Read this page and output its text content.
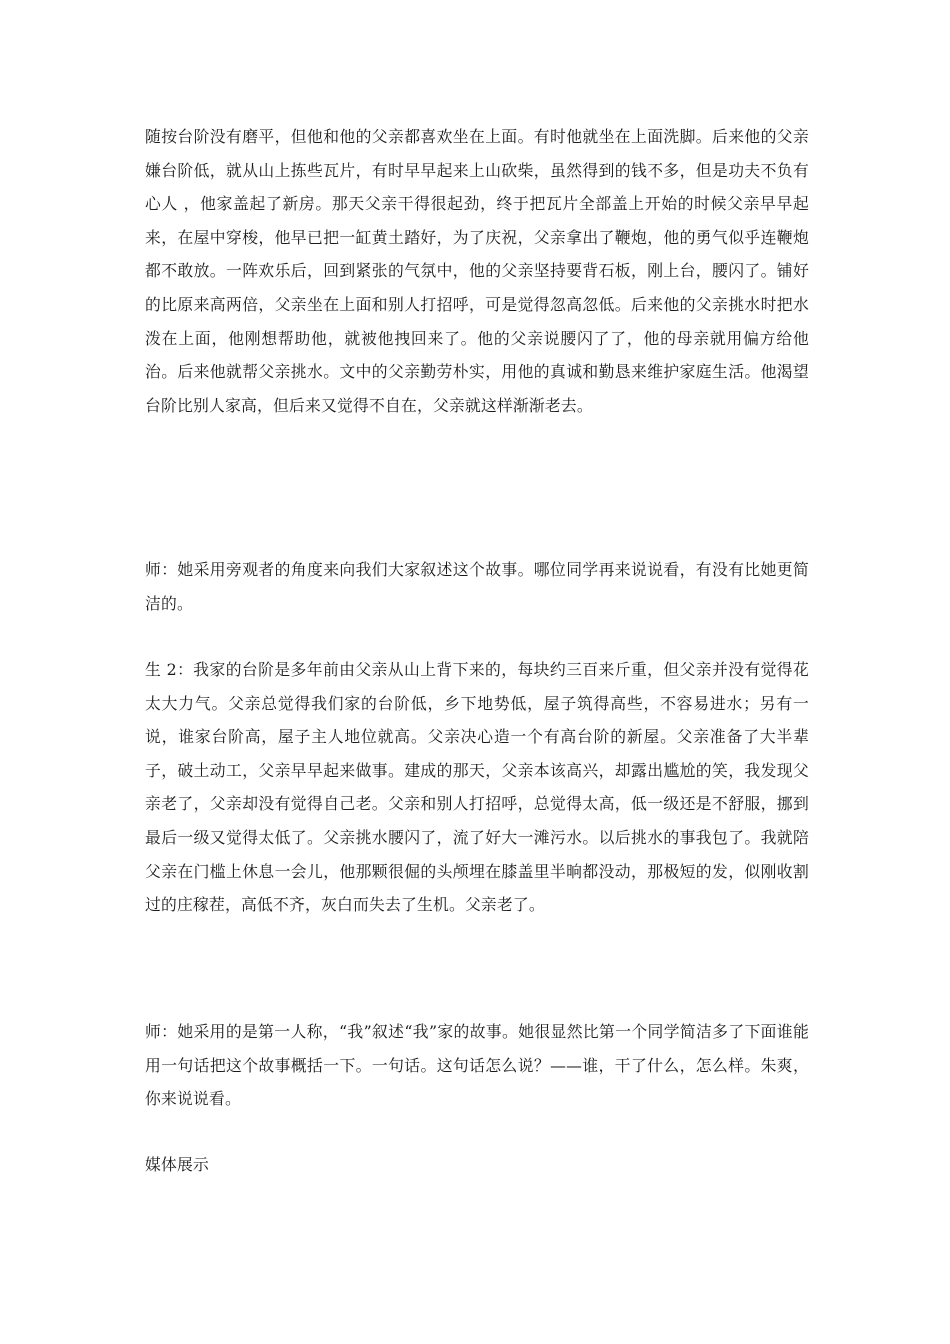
随按台阶没有磨平，但他和他的父亲都喜欢坐在上面。有时他就坐在上面洗脚。后来他的父亲嫌台阶低，就从山上拣些瓦片，有时早早起来上山砍柴，虽然得到的钱不多，但是功夫不负有心人 ，他家盖起了新房。那天父亲干得很起劲，终于把瓦片全部盖上开始的时候父亲早早起来，在屋中穿梭，他早已把一缸黄土踏好，为了庆祝，父亲拿出了鞭炮，他的勇气似乎连鞭炮都不敢放。一阵欢乐后，回到紧张的气氛中，他的父亲坚持要背石板，刚上台，腰闪了。铺好的比原来高两倍，父亲坐在上面和别人打招呼，可是觉得忽高忽低。后来他的父亲挑水时把水泼在上面，他刚想帮助他，就被他拽回来了。他的父亲说腰闪了了，他的母亲就用偏方给他治。后来他就帮父亲挑水。文中的父亲勤劳朴实，用他的真诚和勤恳来维护家庭生活。他渴望台阶比别人家高，但后来又觉得不自在，父亲就这样渐渐老去。

师：她采用旁观者的角度来向我们大家叙述这个故事。哪位同学再来说说看，有没有比她更简洁的。

生 2：我家的台阶是多年前由父亲从山上背下来的，每块约三百来斤重，但父亲并没有觉得花太大力气。父亲总觉得我们家的台阶低，乡下地势低，屋子筑得高些，不容易进水；另有一说，谁家台阶高，屋子主人地位就高。父亲决心造一个有高台阶的新屋。父亲准备了大半辈子，破土动工，父亲早早起来做事。建成的那天，父亲本该高兴，却露出尴尬的笑，我发现父亲老了，父亲却没有觉得自己老。父亲和别人打招呼，总觉得太高，低一级还是不舒服，挪到最后一级又觉得太低了。父亲挑水腰闪了，流了好大一滩污水。以后挑水的事我包了。我就陪父亲在门槛上休息一会儿，他那颗很倔的头颅埋在膝盖里半晌都没动，那极短的发，似刚收割过的庄稼茬，高低不齐，灰白而失去了生机。父亲老了。

师：她采用的是第一人称，“我”叙述“我”家的故事。她很显然比第一个同学简洁多了下面谁能用一句话把这个故事概括一下。一句话。这句话怎么说？——谁，干了什么，怎么样。朱爽，你来说说看。

媒体展示
